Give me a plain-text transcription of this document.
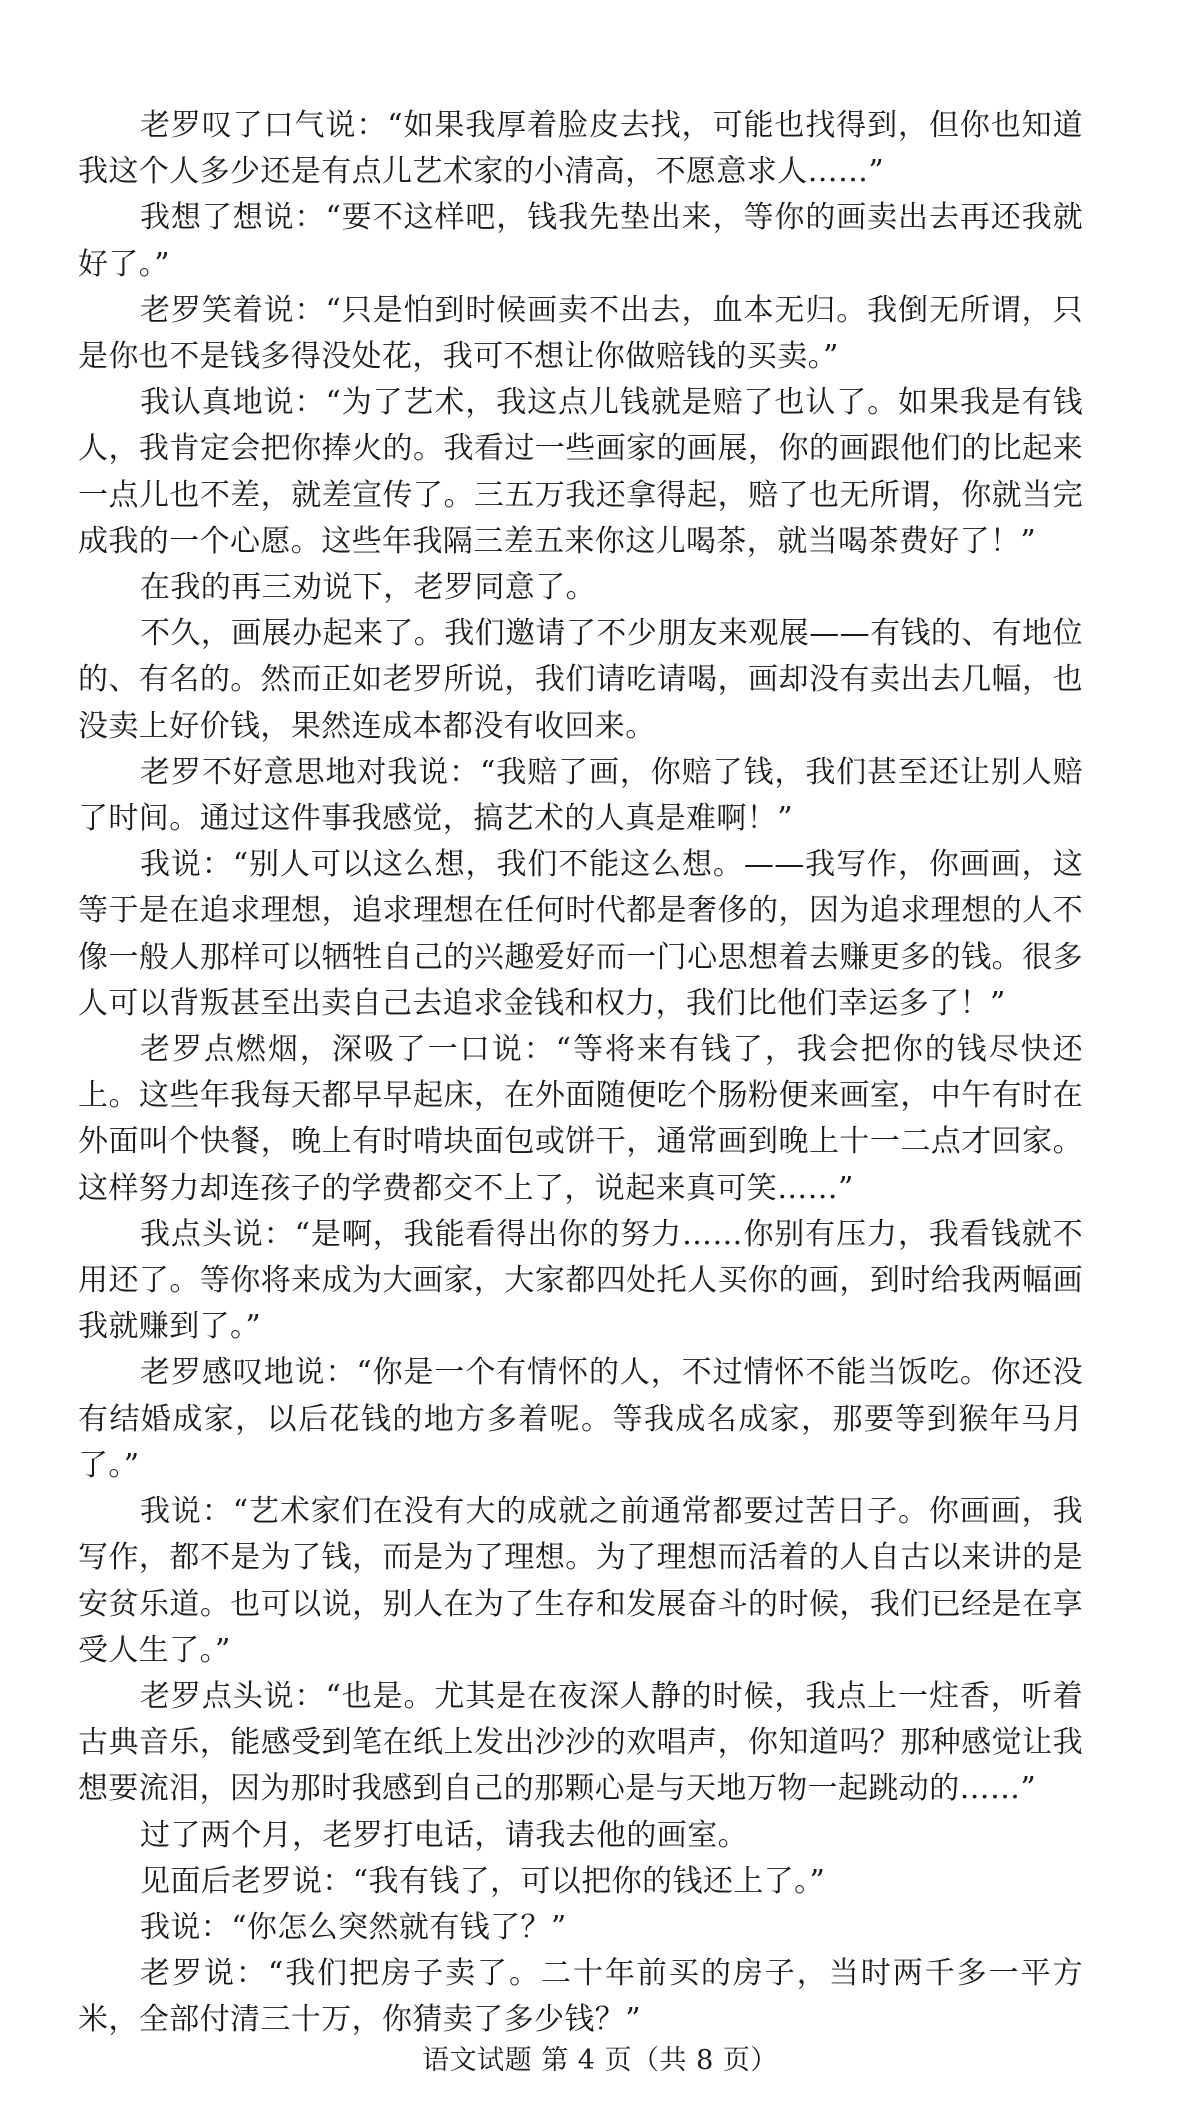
老罗叹了口气说：“如果我厚着脸皮去找，可能也找得到，但你也知道我这个人多少还是有点儿艺术家的小清高，不愿意求人……”

我想了想说：“要不这样吧，钱我先垫出来，等你的画卖出去再还我就好了。”

老罗笑着说：“只是怕到时候画卖不出去，血本无归。我倒无所谓，只是你也不是钱多得没处花，我可不想让你做赔钱的买卖。”

我认真地说：“为了艺术，我这点儿钱就是赔了也认了。如果我是有钱人，我肯定会把你捧火的。我看过一些画家的画展，你的画跟他们的比起来一点儿也不差，就差宣传了。三五万我还拿得起，赔了也无所谓，你就当完成我的一个心愿。这些年我隔三差五来你这儿喝茶，就当喝茶费好了！”

在我的再三劝说下，老罗同意了。

不久，画展办起来了。我们邀请了不少朋友来观展——有钱的、有地位的、有名的。然而正如老罗所说，我们请吃请喝，画却没有卖出去几幅，也没卖上好价钱，果然连成本都没有收回来。

老罗不好意思地对我说：“我赔了画，你赔了钱，我们甚至还让别人赔了时间。通过这件事我感觉，搞艺术的人真是难啊！”

我说：“别人可以这么想，我们不能这么想。——我写作，你画画，这等于是在追求理想，追求理想在任何时代都是奢侈的，因为追求理想的人不像一般人那样可以牺牲自己的兴趣爱好而一门心思想着去赚更多的钱。很多人可以背叛甚至出卖自己去追求金钱和权力，我们比他们幸运多了！”

老罗点燃烟，深吸了一口说：“等将来有钱了，我会把你的钱尽快还上。这些年我每天都早早起床，在外面随便吃个肠粉便来画室，中午有时在外面叫个快餐，晚上有时啃块面包或饼干，通常画到晚上十一二点才回家。这样努力却连孩子的学费都交不上了，说起来真可笑……”

我点头说：“是啊，我能看得出你的努力……你别有压力，我看钱就不用还了。等你将来成为大画家，大家都四处托人买你的画，到时给我两幅画我就赚到了。”

老罗感叹地说：“你是一个有情怀的人，不过情怀不能当饭吃。你还没有结婚成家，以后花钱的地方多着呢。等我成名成家，那要等到猴年马月了。”

我说：“艺术家们在没有大的成就之前通常都要过苦日子。你画画，我写作，都不是为了钱，而是为了理想。为了理想而活着的人自古以来讲的是安贫乐道。也可以说，别人在为了生存和发展奋斗的时候，我们已经是在享受人生了。”

老罗点头说：“也是。尤其是在夜深人静的时候，我点上一炷香，听着古典音乐，能感受到笔在纸上发出沙沙的欢唱声，你知道吗？那种感觉让我想要流泪，因为那时我感到自己的那颗心是与天地万物一起跳动的……”

过了两个月，老罗打电话，请我去他的画室。

见面后老罗说：“我有钱了，可以把你的钱还上了。”

我说：“你怎么突然就有钱了？”

老罗说：“我们把房子卖了。二十年前买的房子，当时两千多一平方米，全部付清三十万，你猜卖了多少钱？”

语文试题 第 4 页（共 8 页）
